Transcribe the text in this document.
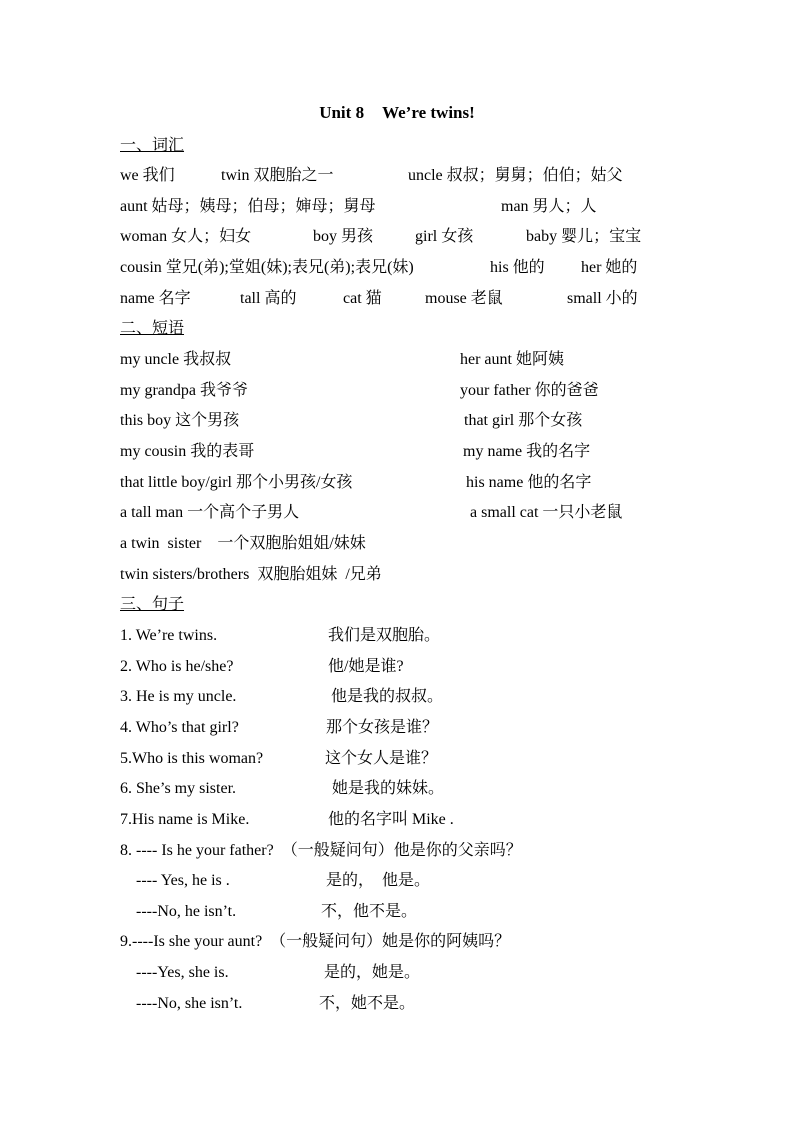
Unit 8 We’re twins!
一、词汇
we 我们	twin 双胞胎之一	uncle 叔叔；舅舅；伯伯；姑父
aunt 姑母；姨母；伯母；婶母；舅母	man 男人；人
woman 女人；妇女	boy 男孩	girl 女孩	baby 婴儿；宝宝
cousin 堂兄(弟);堂姐(妹);表兄(弟);表兄(妹)	his 他的 her 她的
name 名字	tall 高的	cat 猫	mouse 老鼠	small 小的
二、短语
my uncle 我叔叔	her aunt 她阿姨
my grandpa 我爷爷	your father 你的爸爸
this boy 这个男孩	that girl 那个女孩
my cousin 我的表哥	my name 我的名字
that little boy/girl 那个小男孩/女孩	his name 他的名字
a tall man 一个高个子男人	a small cat 一只小老鼠
a twin  sister    一个双胞胎姐姐/妹妹
twin sisters/brothers  双胞胎姐妹  /兄弟
三、句子
1. We’re twins.	我们是双胞胎。
2. Who is he/she?	他/她是谁?
3. He is my uncle.	他是我的叔叔。
4. Who’s that girl?	那个女孩是谁？
5.Who is this woman?	这个女人是谁？
6. She’s my sister.	她是我的妹妹。
7.His name is Mike.	他的名字叫 Mike .
8. ---- Is he your father?  （一般疑问句）他是你的父亲吗？
---- Yes, he is .	是的，  他是。
----No, he isn’t.	不，他不是。
9.----Is she your aunt?  （一般疑问句）她是你的阿姨吗？
----Yes, she is.	是的，她是。
----No, she isn’t.	不，她不是。
